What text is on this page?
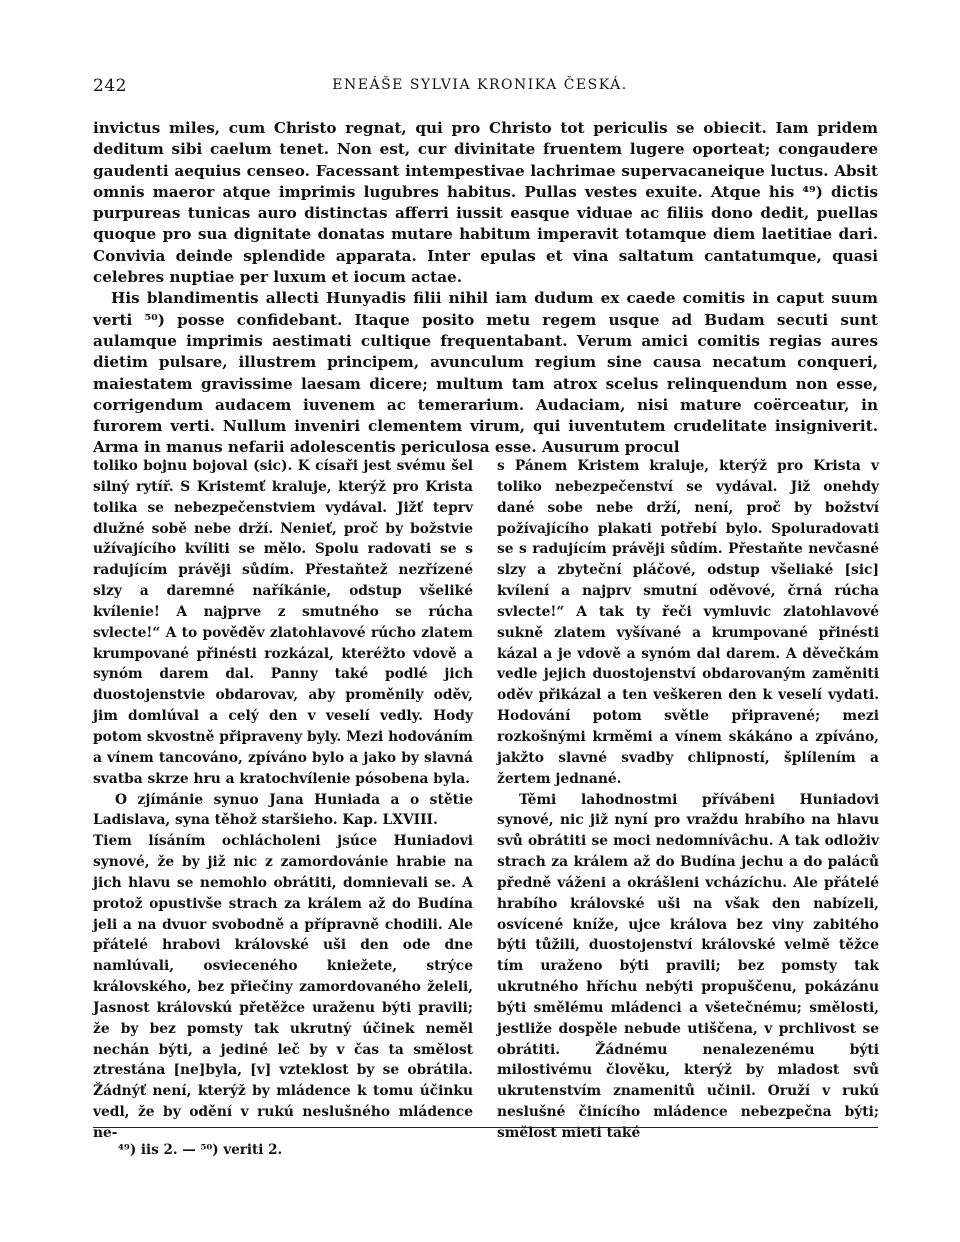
242	ENEÁŠE SYLVIA KRONIKA ČESKÁ.

invictus miles, cum Christo regnat, qui pro Christo tot periculis se obiecit. Iam pridem deditum sibi caelum tenet. Non est, cur divinitate fruentem lugere oporteat; congaudere gaudenti aequius censeo. Facessant intempestivae lachrimae supervacaneique luctus. Absit omnis maeror atque imprimis lugubres habitus. Pullas vestes exuite. Atque his ⁴⁹) dictis purpureas tunicas auro distinctas afferri iussit easque viduae ac filiis dono dedit, puellas quoque pro sua dignitate donatas mutare habitum imperavit totamque diem laetitiae dari. Convivia deinde splendide apparata. Inter epulas et vina saltatum cantatumque, quasi celebres nuptiae per luxum et iocum actae.

His blandimentis allecti Hunyadis filii nihil iam dudum ex caede comitis in caput suum verti ⁵⁰) posse confidebant. Itaque posito metu regem usque ad Budam secuti sunt aulamque imprimis aestimati cultique frequentabant. Verum amici comitis regias aures dietim pulsare, illustrem principem, avunculum regium sine causa necatum conqueri, maiestatem gravissime laesam dicere; multum tam atrox scelus relinquendum non esse, corrigendum audacem iuvenem ac temerarium. Audaciam, nisi mature coërceatur, in furorem verti. Nullum inveniri clementem virum, qui iuventutem crudelitate insigniverit. Arma in manus nefarii adolescentis periculosa esse. Ausurum procul

toliko bojnu bojoval (sic). K císaři jest svému šel silný rytíř. S Kristemť kraluje, kterýž pro Krista tolika se nebezpečenstviem vydával. Jižť teprv dlužné sobě nebe drží. Nenieť, proč by božstvie užívajícího kvíliti se mělo. Spolu radovati se s radujícím právěji sůdím. Přestaňtež nezřízené slzy a daremné naříkánie, odstup všeliké kvílenie! A najprve z smutného se rúcha svlecte!“ A to pověděv zlatohlavové rúcho zlatem krumpované přinésti rozkázal, kteréžto vdově a synóm darem dal. Panny také podlé jich duostojenstvie obdarovav, aby proměnily oděv, jim domlúval a celý den v veselí vedly. Hody potom skvostně připraveny byly. Mezi hodováním a vínem tancováno, zpíváno bylo a jako by slavná svatba skrze hru a kratochvílenie pósobena byla.

O zjímánie synuo Jana Huniada a o stětie Ladislava, syna těhož staršieho. Kap. LXVIII.

Tiem lísáním ochlácholeni jsúce Huniadovi synové, že by již nic z zamordovánie hrabie na jich hlavu se nemohlo obrátiti, domnievali se. A protož opustivše strach za králem až do Budína jeli a na dvuor svobodně a přípravně chodili. Ale přátelé hrabovi královské uši den ode dne namlúvali, osvieceného kniežete, strýce královského, bez přiečiny zamordovaného želeli, Jasnost královskú přetěžce uraženu býti pravili; že by bez pomsty tak ukrutný účinek neměl nechán býti, a jediné leč by v čas ta smělost ztrestána [ne]byla, [v] vzteklost by se obrátila. Žádnýť není, kterýž by mládence k tomu účinku vedl, že by odění v rukú neslušného mládence ne-

s Pánem Kristem kraluje, kterýž pro Krista v toliko nebezpečenství se vydával. Již onehdy dané sobe nebe drží, není, proč by božství požívajícího plakati potřebí bylo. Spoluradovati se s radujícím právěji sůdím. Přestaňte nevčasné slzy a zbyteční pláčové, odstup všeliaké [sic] kvílení a najprv smutní oděvové, črná rúcha svlecte!“ A tak ty řeči vymluvic zlatohlavové sukně zlatem vyšívané a krumpované přinésti kázal a je vdově a synóm dal darem. A děvečkám vedle jejich duostojenství obdarovaným zaměniti oděv přikázal a ten veškeren den k veselí vydati. Hodování potom světle připravené; mezi rozkošnými krměmi a vínem skákáno a zpíváno, jakžto slavné svadby chlipností, šplílením a žertem jednané.

Těmi lahodnostmi přívábeni Huniadovi synové, nic již nyní pro vraždu hrabího na hlavu svů obrátiti se moci nedomnívâchu. A tak odloživ strach za králem až do Budína jechu a do paláců předně váženi a okrášleni vcházíchu. Ale přátelé hrabího královské uši na však den nabízeli, osvícené kníže, ujce králova bez viny zabitého býti tůžili, duostojenství královské velmě těžce tím uraženo býti pravili; bez pomsty tak ukrutného hříchu nebýti propuščenu, pokázánu býti smělému mládenci a všetečnému; smělosti, jestliže dospěle nebude utiščena, v prchlivost se obrátiti. Žádnému nenalezenému býti milostivému člověku, kterýž by mladost svů ukrutenstvím znamenitů učinil. Oruží v rukú neslušné činícího mládence nebezpečna býti; smělost mieti také

⁴⁹) iis 2. — ⁵⁰) veriti 2.
